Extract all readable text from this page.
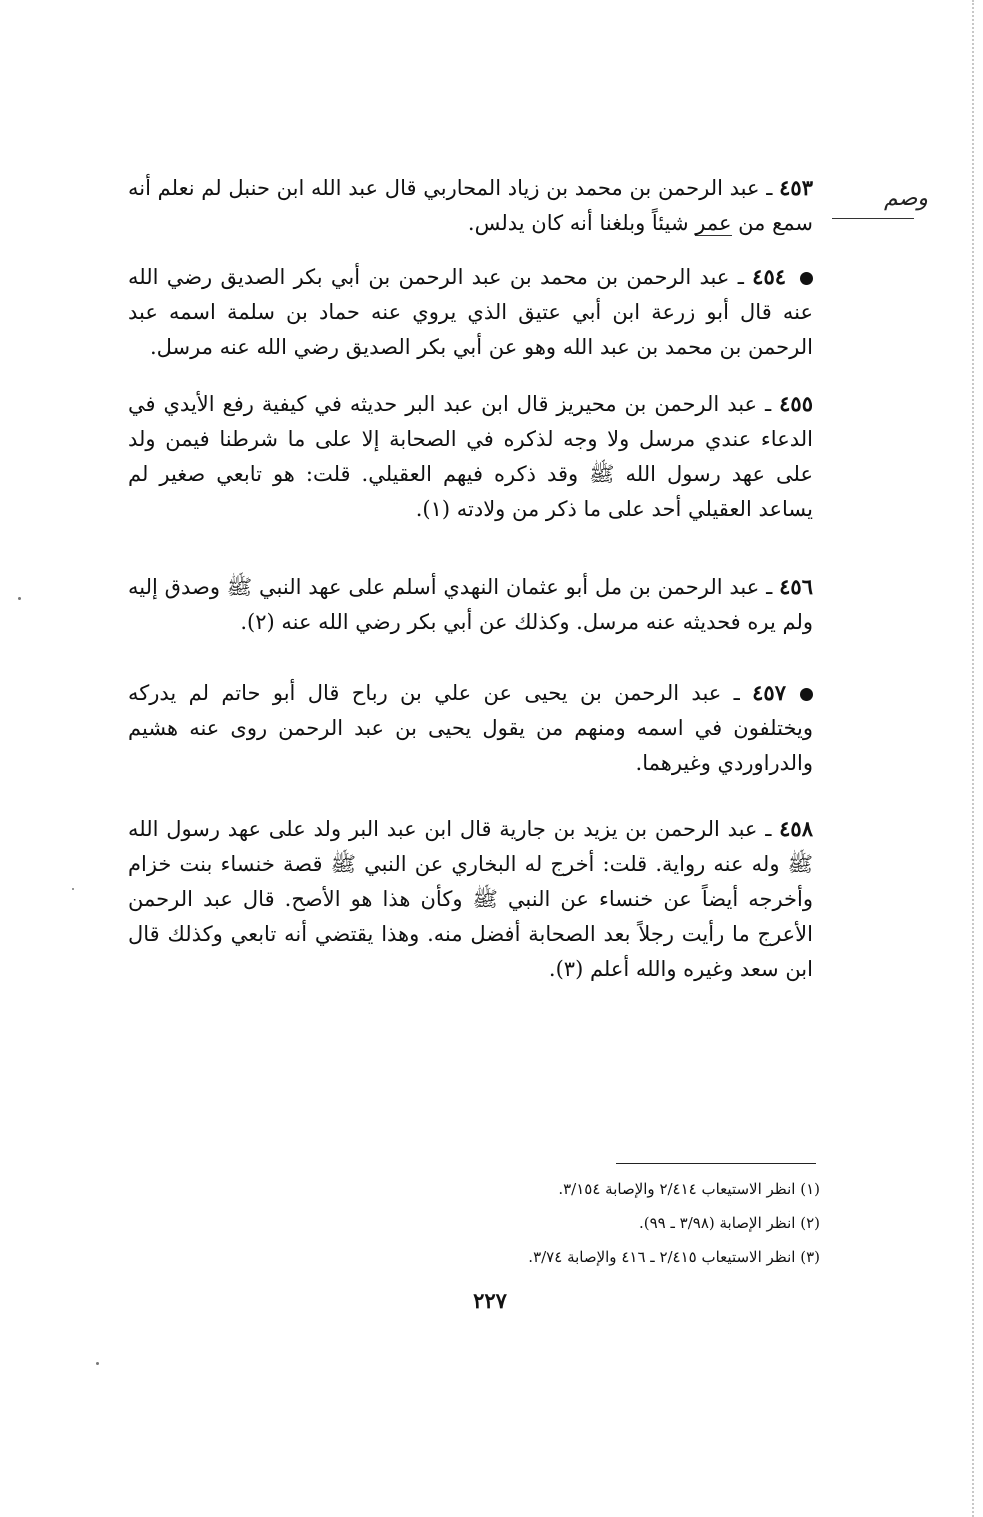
وصم

٤٥٣ ـ عبد الرحمن بن محمد بن زياد المحاربي قال عبد الله ابن حنبل لم نعلم أنه سمع من عمر شيئاً وبلغنا أنه كان يدلس.

٤٥٤ ـ عبد الرحمن بن محمد بن عبد الرحمن بن أبي بكر الصديق رضي الله عنه قال أبو زرعة ابن أبي عتيق الذي يروي عنه حماد بن سلمة اسمه عبد الرحمن بن محمد بن عبد الله وهو عن أبي بكر الصديق رضي الله عنه مرسل.

٤٥٥ ـ عبد الرحمن بن محيريز قال ابن عبد البر حديثه في كيفية رفع الأيدي في الدعاء عندي مرسل ولا وجه لذكره في الصحابة إلا على ما شرطنا فيمن ولد على عهد رسول الله ﷺ وقد ذكره فيهم العقيلي. قلت: هو تابعي صغير لم يساعد العقيلي أحد على ما ذكر من ولادته (١).

٤٥٦ ـ عبد الرحمن بن مل أبو عثمان النهدي أسلم على عهد النبي ﷺ وصدق إليه ولم يره فحديثه عنه مرسل. وكذلك عن أبي بكر رضي الله عنه (٢).

٤٥٧ ـ عبد الرحمن بن يحيى عن علي بن رباح قال أبو حاتم لم يدركه ويختلفون في اسمه ومنهم من يقول يحيى بن عبد الرحمن روى عنه هشيم والدراوردي وغيرهما.

٤٥٨ ـ عبد الرحمن بن يزيد بن جارية قال ابن عبد البر ولد على عهد رسول الله ﷺ وله عنه رواية. قلت: أخرج له البخاري عن النبي ﷺ قصة خنساء بنت خزام وأخرجه أيضاً عن خنساء عن النبي ﷺ وكأن هذا هو الأصح. قال عبد الرحمن الأعرج ما رأيت رجلاً بعد الصحابة أفضل منه. وهذا يقتضي أنه تابعي وكذلك قال ابن سعد وغيره والله أعلم (٣).

(١) انظر الاستيعاب ٢/٤١٤ والإصابة ٣/١٥٤.
(٢) انظر الإصابة (٣/٩٨ ـ ٩٩).
(٣) انظر الاستيعاب ٢/٤١٥ ـ ٤١٦ والإصابة ٣/٧٤.
٢٢٧
